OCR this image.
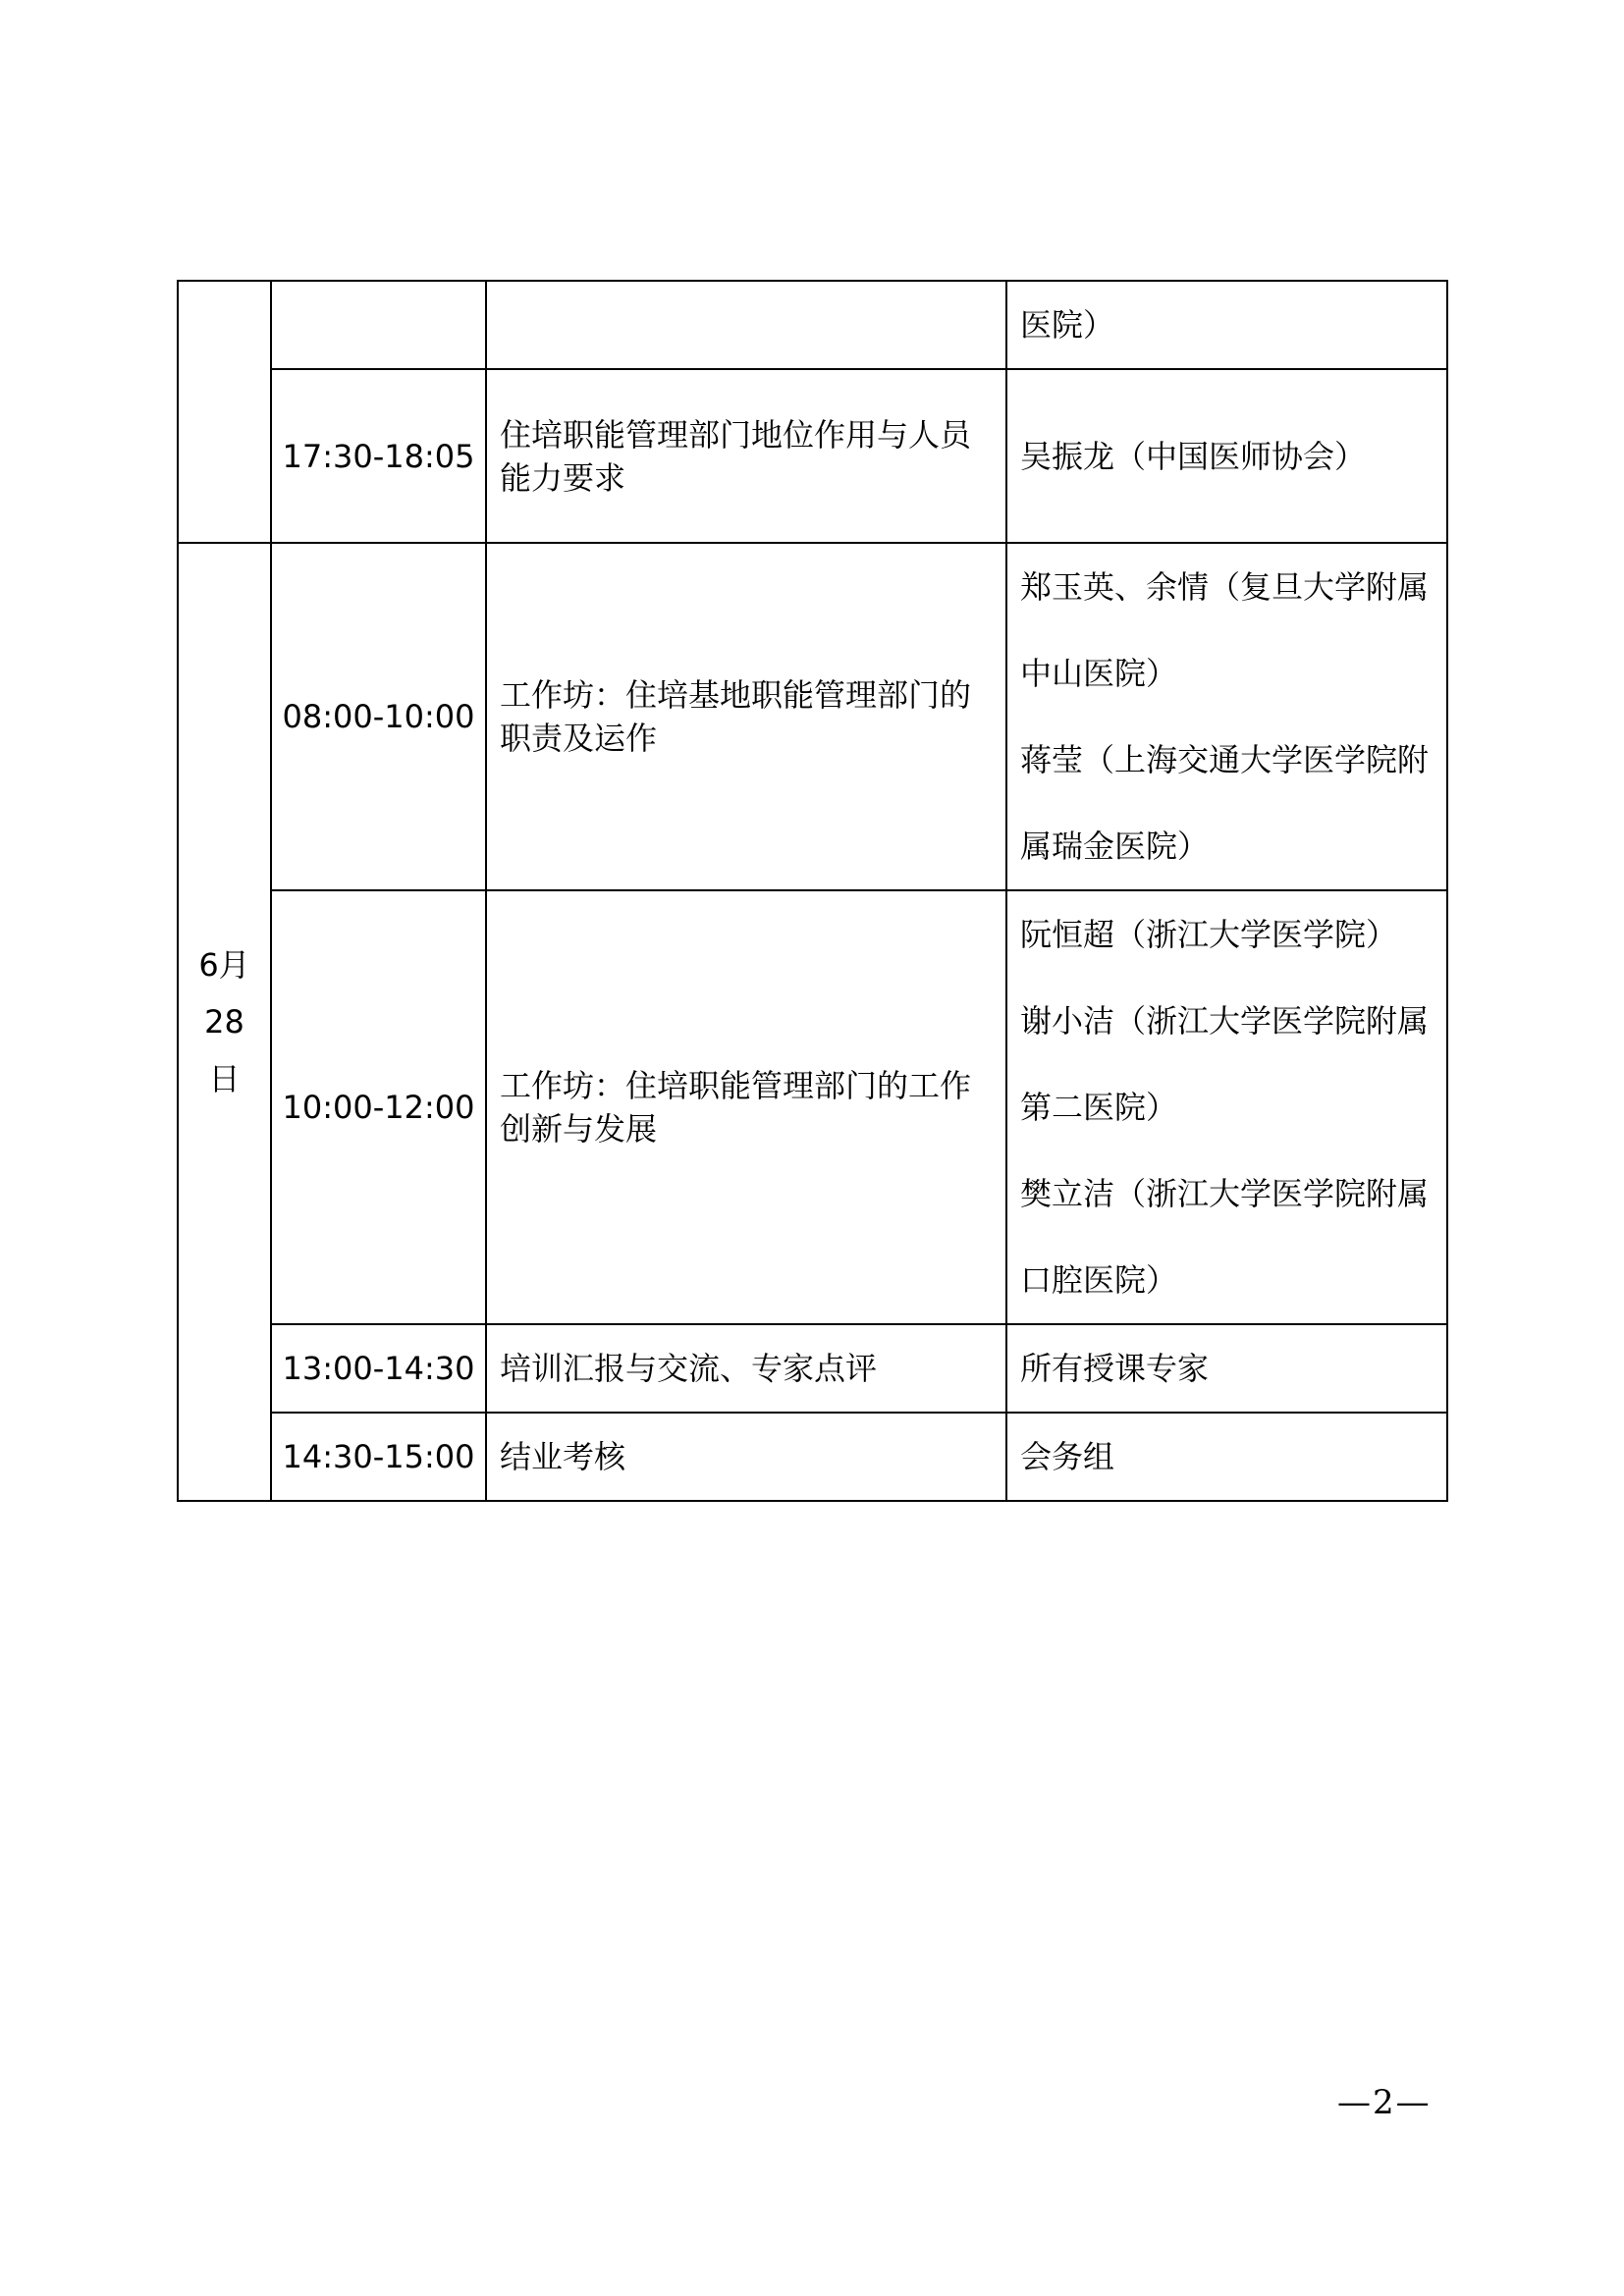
			医院）

	17:30-18:05	住培职能管理部门地位作用与人员能力要求	吴振龙（中国医师协会）

6月
28
日	08:00-10:00	工作坊：住培基地职能管理部门的职责及运作	郑玉英、余情（复旦大学附属中山医院）
蒋莹（上海交通大学医学院附属瑞金医院）

	10:00-12:00	工作坊：住培职能管理部门的工作创新与发展	阮恒超（浙江大学医学院）
谢小洁（浙江大学医学院附属第二医院）
樊立洁（浙江大学医学院附属口腔医院）

	13:00-14:30	培训汇报与交流、专家点评	所有授课专家

	14:30-15:00	结业考核	会务组
—2—
